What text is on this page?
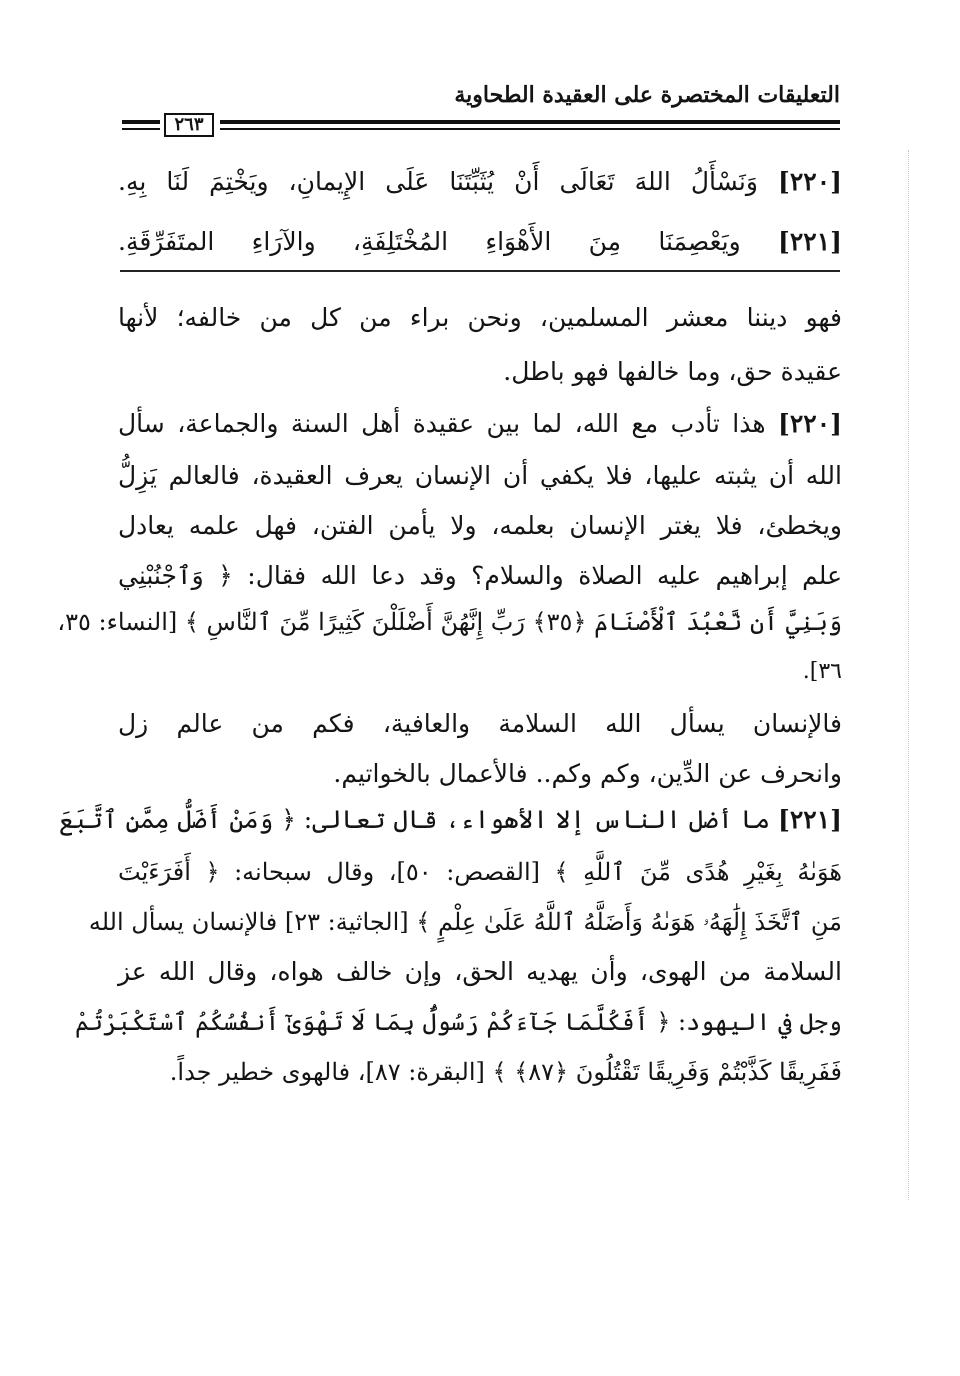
التعليقات المختصرة على العقيدة الطحاوية
٢٦٣
[٢٢٠] وَنَسْأَلُ اللهَ تَعَالَى أَنْ يُثَبِّتَنَا عَلَى الإِيمانِ، ويَخْتِمَ لَنَا بِهِ.
[٢٢١] ويَعْصِمَنَا مِنَ الأَهْوَاءِ المُخْتَلِفَةِ، والآرَاءِ المتَفَرِّقَةِ.
فهو ديننا معشر المسلمين، ونحن براء من كل من خالفه؛ لأنها
عقيدة حق، وما خالفها فهو باطل.
[٢٢٠] هذا تأدب مع الله، لما بين عقيدة أهل السنة والجماعة، سأل
الله أن يثبته عليها، فلا يكفي أن الإنسان يعرف العقيدة، فالعالم يَزِلُّ
ويخطئ، فلا يغتر الإنسان بعلمه، ولا يأمن الفتن، فهل علمه يعادل
علم إبراهيم عليه الصلاة والسلام؟ وقد دعا الله فقال: ﴿ وَٱجْنُبْنِي
وَبَنِيَّ أَن نَّعْبُدَ ٱلْأَصْنَامَ ﴿٣٥﴾ رَبِّ إِنَّهُنَّ أَضْلَلْنَ كَثِيرًا مِّنَ ٱلنَّاسِ ﴾ [النساء: ٣٥،
٣٦].
فالإنسان يسأل الله السلامة والعافية، فكم من عالم زل
وانحرف عن الدِّين، وكم وكم.. فالأعمال بالخواتيم.
[٢٢١] ما أضل الناس إلا الأهواء، قال تعالى: ﴿ وَمَنْ أَضَلُّ مِمَّنِ ٱتَّبَعَ
هَوَىٰهُ بِغَيْرِ هُدًى مِّنَ ٱللَّهِ ﴾ [القصص: ٥٠]، وقال سبحانه: ﴿ أَفَرَءَيْتَ
مَنِ ٱتَّخَذَ إِلَٰهَهُۥ هَوَىٰهُ وَأَضَلَّهُ ٱللَّهُ عَلَىٰ عِلْمٍ ﴾ [الجاثية: ٢٣] فالإنسان يسأل الله
السلامة من الهوى، وأن يهديه الحق، وإن خالف هواه، وقال الله عز
وجل في اليهود: ﴿ أَفَكُلَّمَا جَآءَكُمْ رَسُولٌۢ بِمَا لَا تَهْوَىٰٓ أَنفُسُكُمُ ٱسْتَكْبَرْتُمْ
فَفَرِيقًا كَذَّبْتُمْ وَفَرِيقًا تَقْتُلُونَ ﴿٨٧﴾ ﴾ [البقرة: ٨٧]، فالهوى خطير جداً.
